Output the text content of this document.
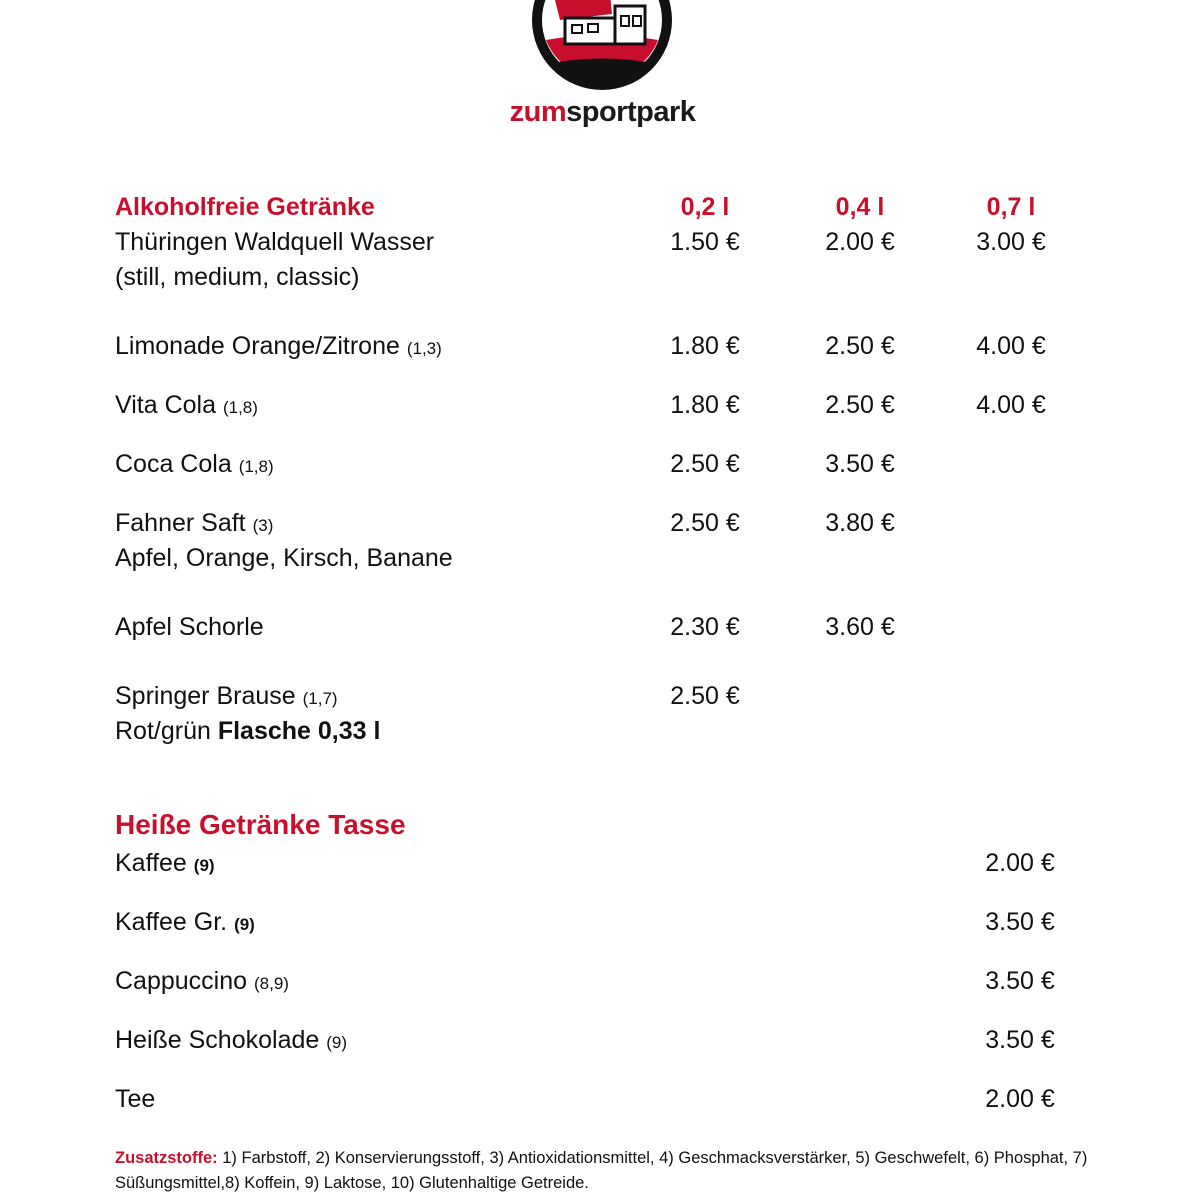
zumsportpark
Alkoholfreie Getränke	0,2 l	0,4 l	0,7 l
Thüringen Waldquell Wasser
(still, medium, classic)
1.50 €	2.00 €	3.00 €
Limonade Orange/Zitrone (1,3)	1.80 €	2.50 €	4.00 €
Vita Cola (1,8)	1.80 €	2.50 €	4.00 €
Coca Cola (1,8)	2.50 €	3.50 €
Fahner Saft (3)
Apfel, Orange, Kirsch, Banane
2.50 €	3.80 €
Apfel Schorle	2.30 €	3.60 €
Springer Brause (1,7)
Rot/grün Flasche 0,33 l
2.50 €
Heiße Getränke Tasse
Kaffee (9)	2.00 €
Kaffee Gr. (9)	3.50 €
Cappuccino (8,9)	3.50 €
Heiße Schokolade (9)	3.50 €
Tee	2.00 €
Zusatzstoffe: 1) Farbstoff, 2) Konservierungsstoff, 3) Antioxidationsmittel, 4) Geschmacksverstärker, 5) Geschwefelt, 6) Phosphat, 7) Süßungsmittel,8) Koffein, 9) Laktose, 10) Glutenhaltige Getreide.
